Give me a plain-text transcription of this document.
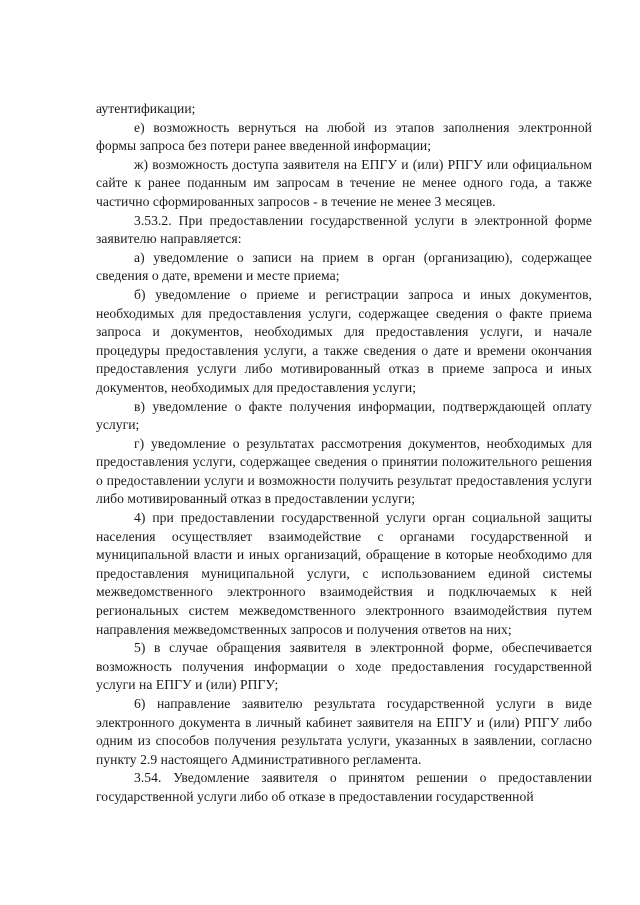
аутентификации;

е) возможность вернуться на любой из этапов заполнения электронной формы запроса без потери ранее введенной информации;

ж) возможность доступа заявителя на ЕПГУ и (или) РПГУ или официальном сайте к ранее поданным им запросам в течение не менее одного года, а также частично сформированных запросов - в течение не менее 3 месяцев.

3.53.2. При предоставлении государственной услуги в электронной форме заявителю направляется:

а) уведомление о записи на прием в орган (организацию), содержащее сведения о дате, времени и месте приема;

б) уведомление о приеме и регистрации запроса и иных документов, необходимых для предоставления услуги, содержащее сведения о факте приема запроса и документов, необходимых для предоставления услуги, и начале процедуры предоставления услуги, а также сведения о дате и времени окончания предоставления услуги либо мотивированный отказ в приеме запроса и иных документов, необходимых для предоставления услуги;

в) уведомление о факте получения информации, подтверждающей оплату услуги;

г) уведомление о результатах рассмотрения документов, необходимых для предоставления услуги, содержащее сведения о принятии положительного решения о предоставлении услуги и возможности получить результат предоставления услуги либо мотивированный отказ в предоставлении услуги;

4) при предоставлении государственной услуги орган социальной защиты населения осуществляет взаимодействие с органами государственной и муниципальной власти и иных организаций, обращение в которые необходимо для предоставления муниципальной услуги, с использованием единой системы межведомственного электронного взаимодействия и подключаемых к ней региональных систем межведомственного электронного взаимодействия путем направления межведомственных запросов и получения ответов на них;

5) в случае обращения заявителя в электронной форме, обеспечивается возможность получения информации о ходе предоставления государственной услуги на ЕПГУ и (или) РПГУ;

6) направление заявителю результата государственной услуги в виде электронного документа в личный кабинет заявителя на ЕПГУ и (или) РПГУ либо одним из способов получения результата услуги, указанных в заявлении, согласно пункту 2.9 настоящего Административного регламента.

3.54. Уведомление заявителя о принятом решении о предоставлении государственной услуги либо об отказе в предоставлении государственной
